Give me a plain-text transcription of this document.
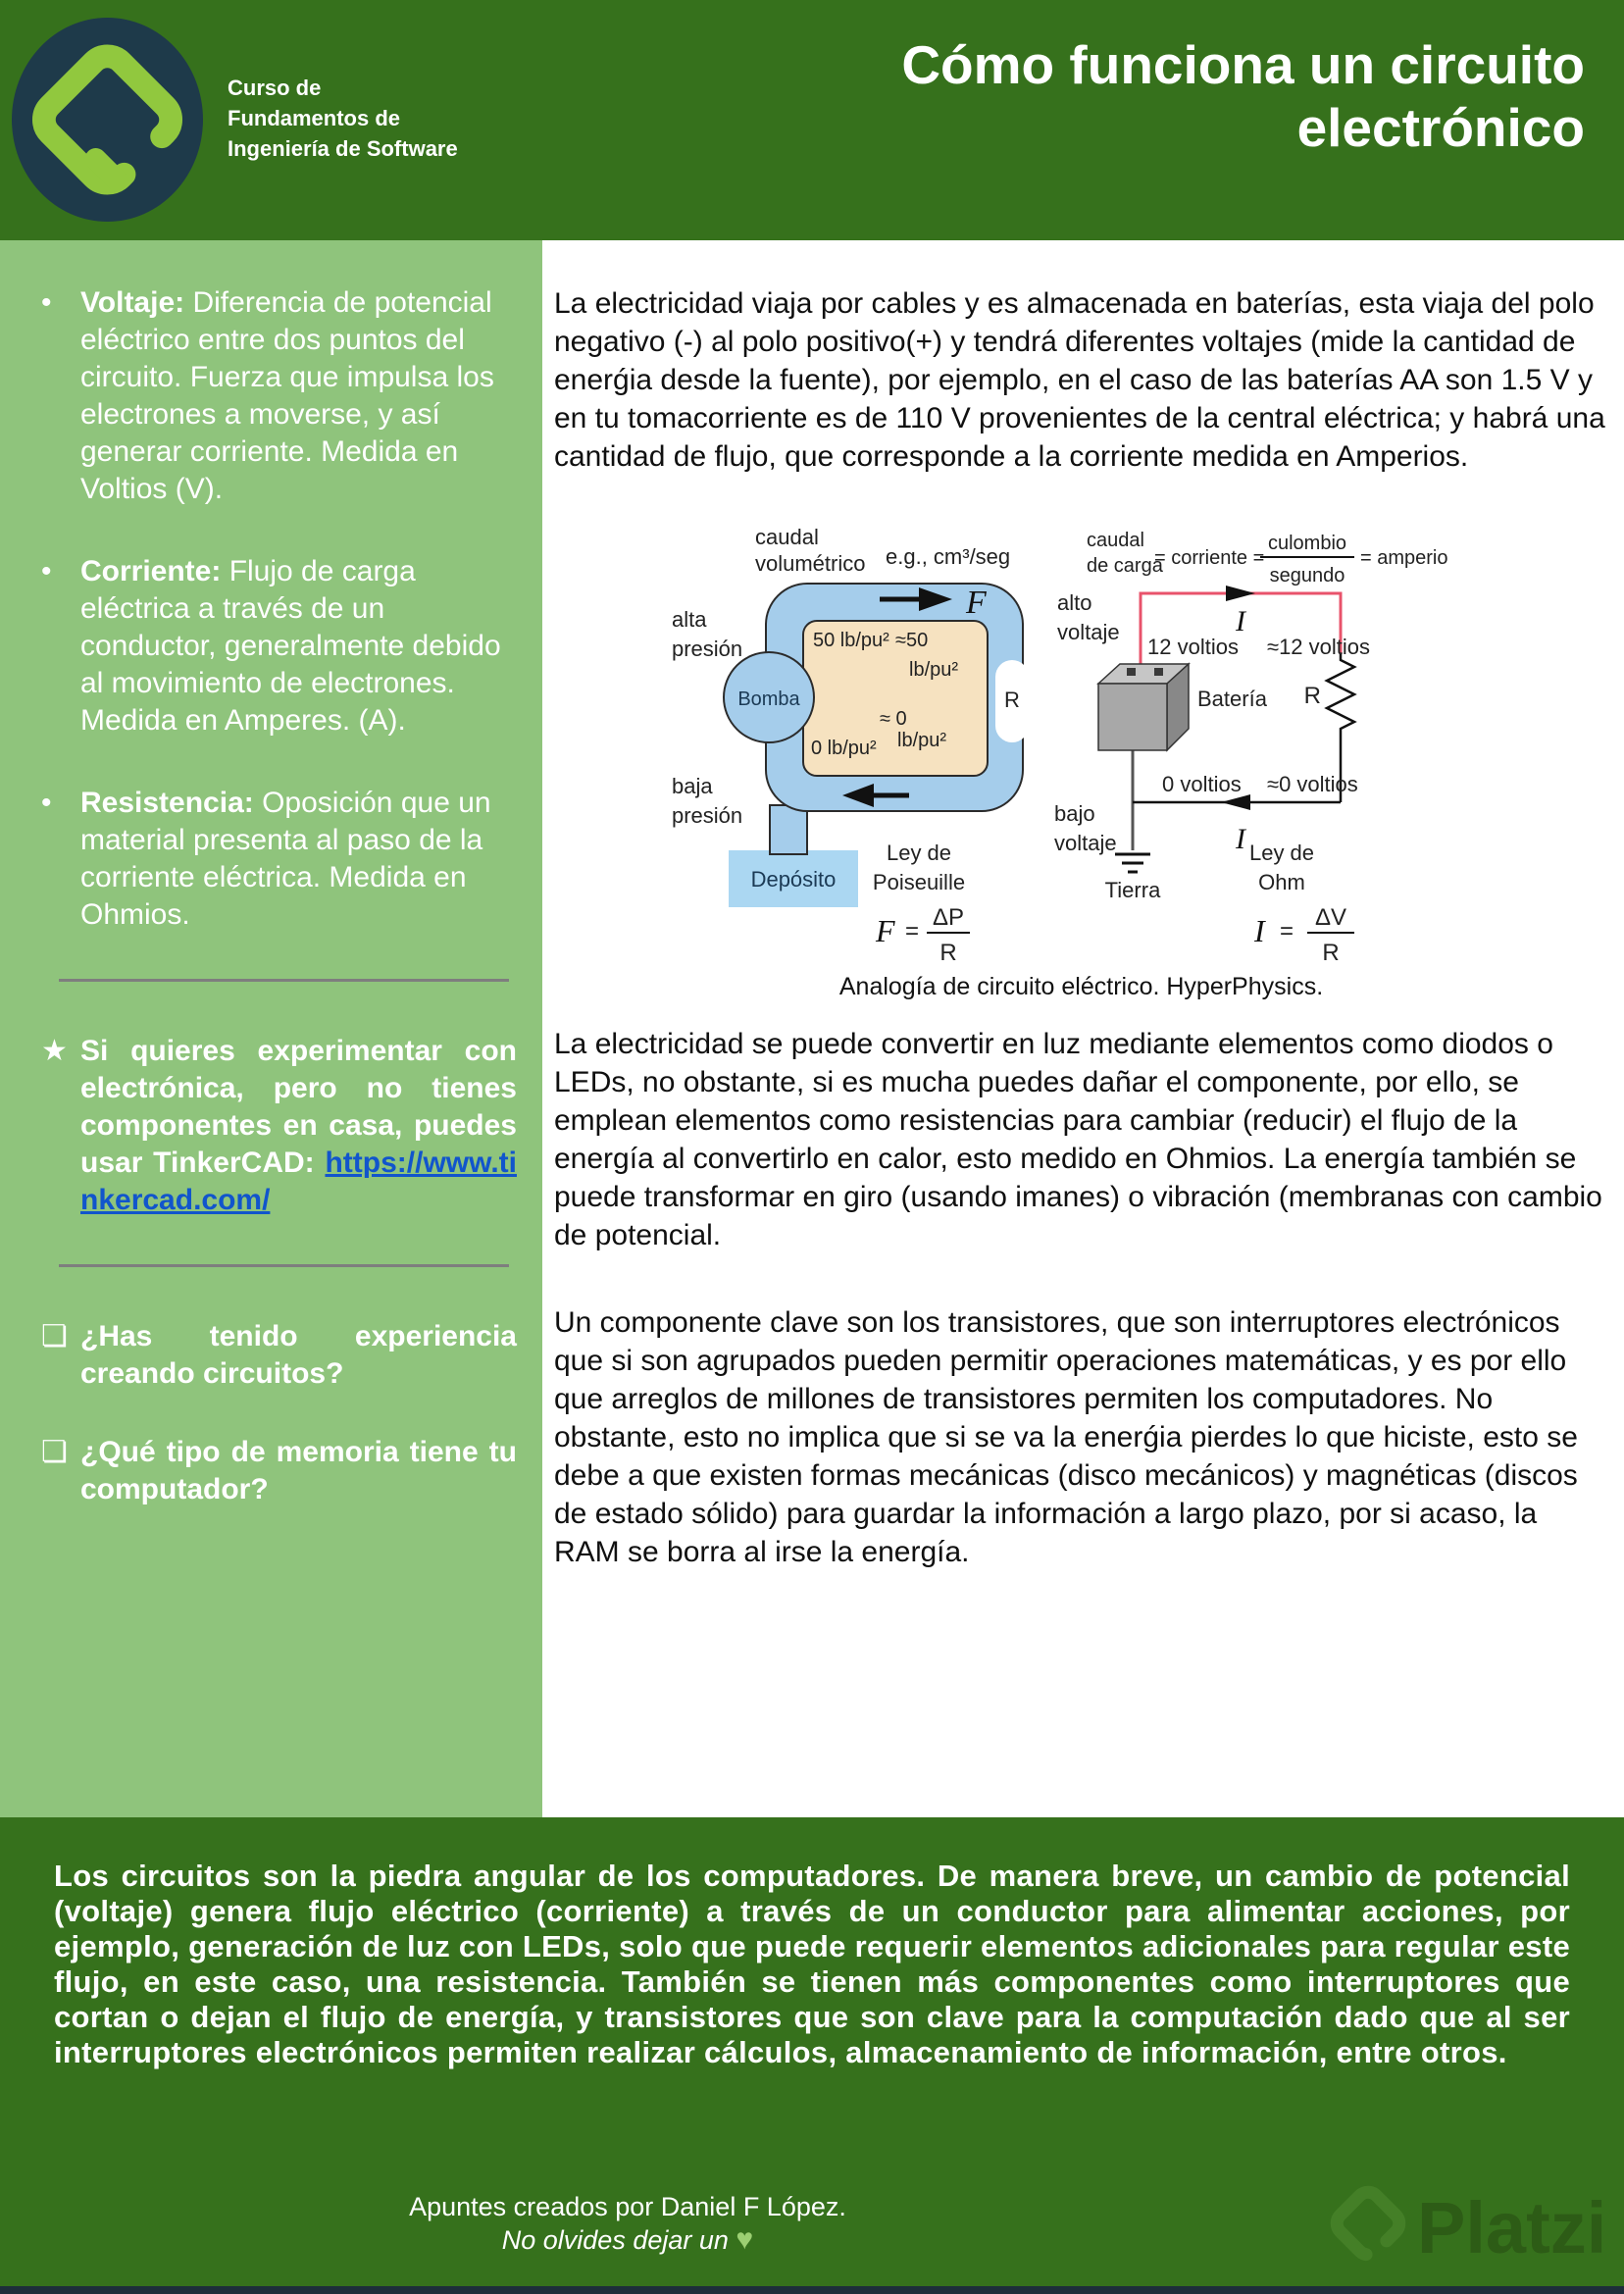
Curso de Fundamentos de Ingeniería de Software
Cómo funciona un circuito
electrónico
• Voltaje: Diferencia de potencial eléctrico entre dos puntos del circuito. Fuerza que impulsa los electrones a moverse, y así generar corriente. Medida en Voltios (V).
• Corriente: Flujo de carga eléctrica a través de un conductor, generalmente debido al movimiento de electrones. Medida en Amperes. (A).
• Resistencia: Oposición que un material presenta al paso de la corriente eléctrica. Medida en Ohmios.
★ Si quieres experimentar con electrónica, pero no tienes componentes en casa, puedes usar TinkerCAD: https://www.tinkercad.com/
❏ ¿Has tenido experiencia creando circuitos?
❏ ¿Qué tipo de memoria tiene tu computador?

La electricidad viaja por cables y es almacenada en baterías, esta viaja del polo negativo (-) al polo positivo(+) y tendrá diferentes voltajes (mide la cantidad de enerǵia desde la fuente), por ejemplo, en el caso de las baterías AA son 1.5 V y en tu tomacorriente es de 110 V provenientes de la central eléctrica; y habrá una cantidad de flujo, que corresponde a la corriente medida en Amperios.

caudal
volumétrico e.g., cm³/seg
F
alta
presión
Bomba
50 lb/pu² ≈50
lb/pu²
≈ 0
lb/pu²
0 lb/pu²
R
baja
presión
Depósito
Ley de
Poiseuille
F =
ΔP
R
caudal
de carga
= corriente =
culombio
segundo
= amperio
I
alto
voltaje
12 voltios ≈12 voltios
Batería R
0 voltios ≈0 voltios
I
bajo
voltaje
Tierra
Ley de
Ohm
I =
ΔV
R
Analogía de circuito eléctrico. HyperPhysics.

La electricidad se puede convertir en luz mediante elementos como diodos o LEDs, no obstante, si es mucha puedes dañar el componente, por ello, se emplean elementos como resistencias para cambiar (reducir) el flujo de la energía al convertirlo en calor, esto medido en Ohmios. La energía también se puede transformar en giro (usando imanes) o vibración (membranas con cambio de potencial.

Un componente clave son los transistores, que son interruptores electrónicos que si son agrupados pueden permitir operaciones matemáticas, y es por ello que arreglos de millones de transistores permiten los computadores. No obstante, esto no implica que si se va la enerǵia pierdes lo que hiciste, esto se debe a que existen formas mecánicas (disco mecánicos) y magnéticas (discos de estado sólido) para guardar la información a largo plazo, por si acaso, la RAM se borra al irse la energía.

Los circuitos son la piedra angular de los computadores. De manera breve, un cambio de potencial (voltaje) genera flujo eléctrico (corriente) a través de un conductor para alimentar acciones, por ejemplo, generación de luz con LEDs, solo que puede requerir elementos adicionales para regular este flujo, en este caso, una resistencia. También se tienen más componentes como interruptores que cortan o dejan el flujo de energía, y transistores que son clave para la computación dado que al ser interruptores electrónicos permiten realizar cálculos, almacenamiento de información, entre otros.

Apuntes creados por Daniel F López.
No olvides dejar un ♥	Platzi
